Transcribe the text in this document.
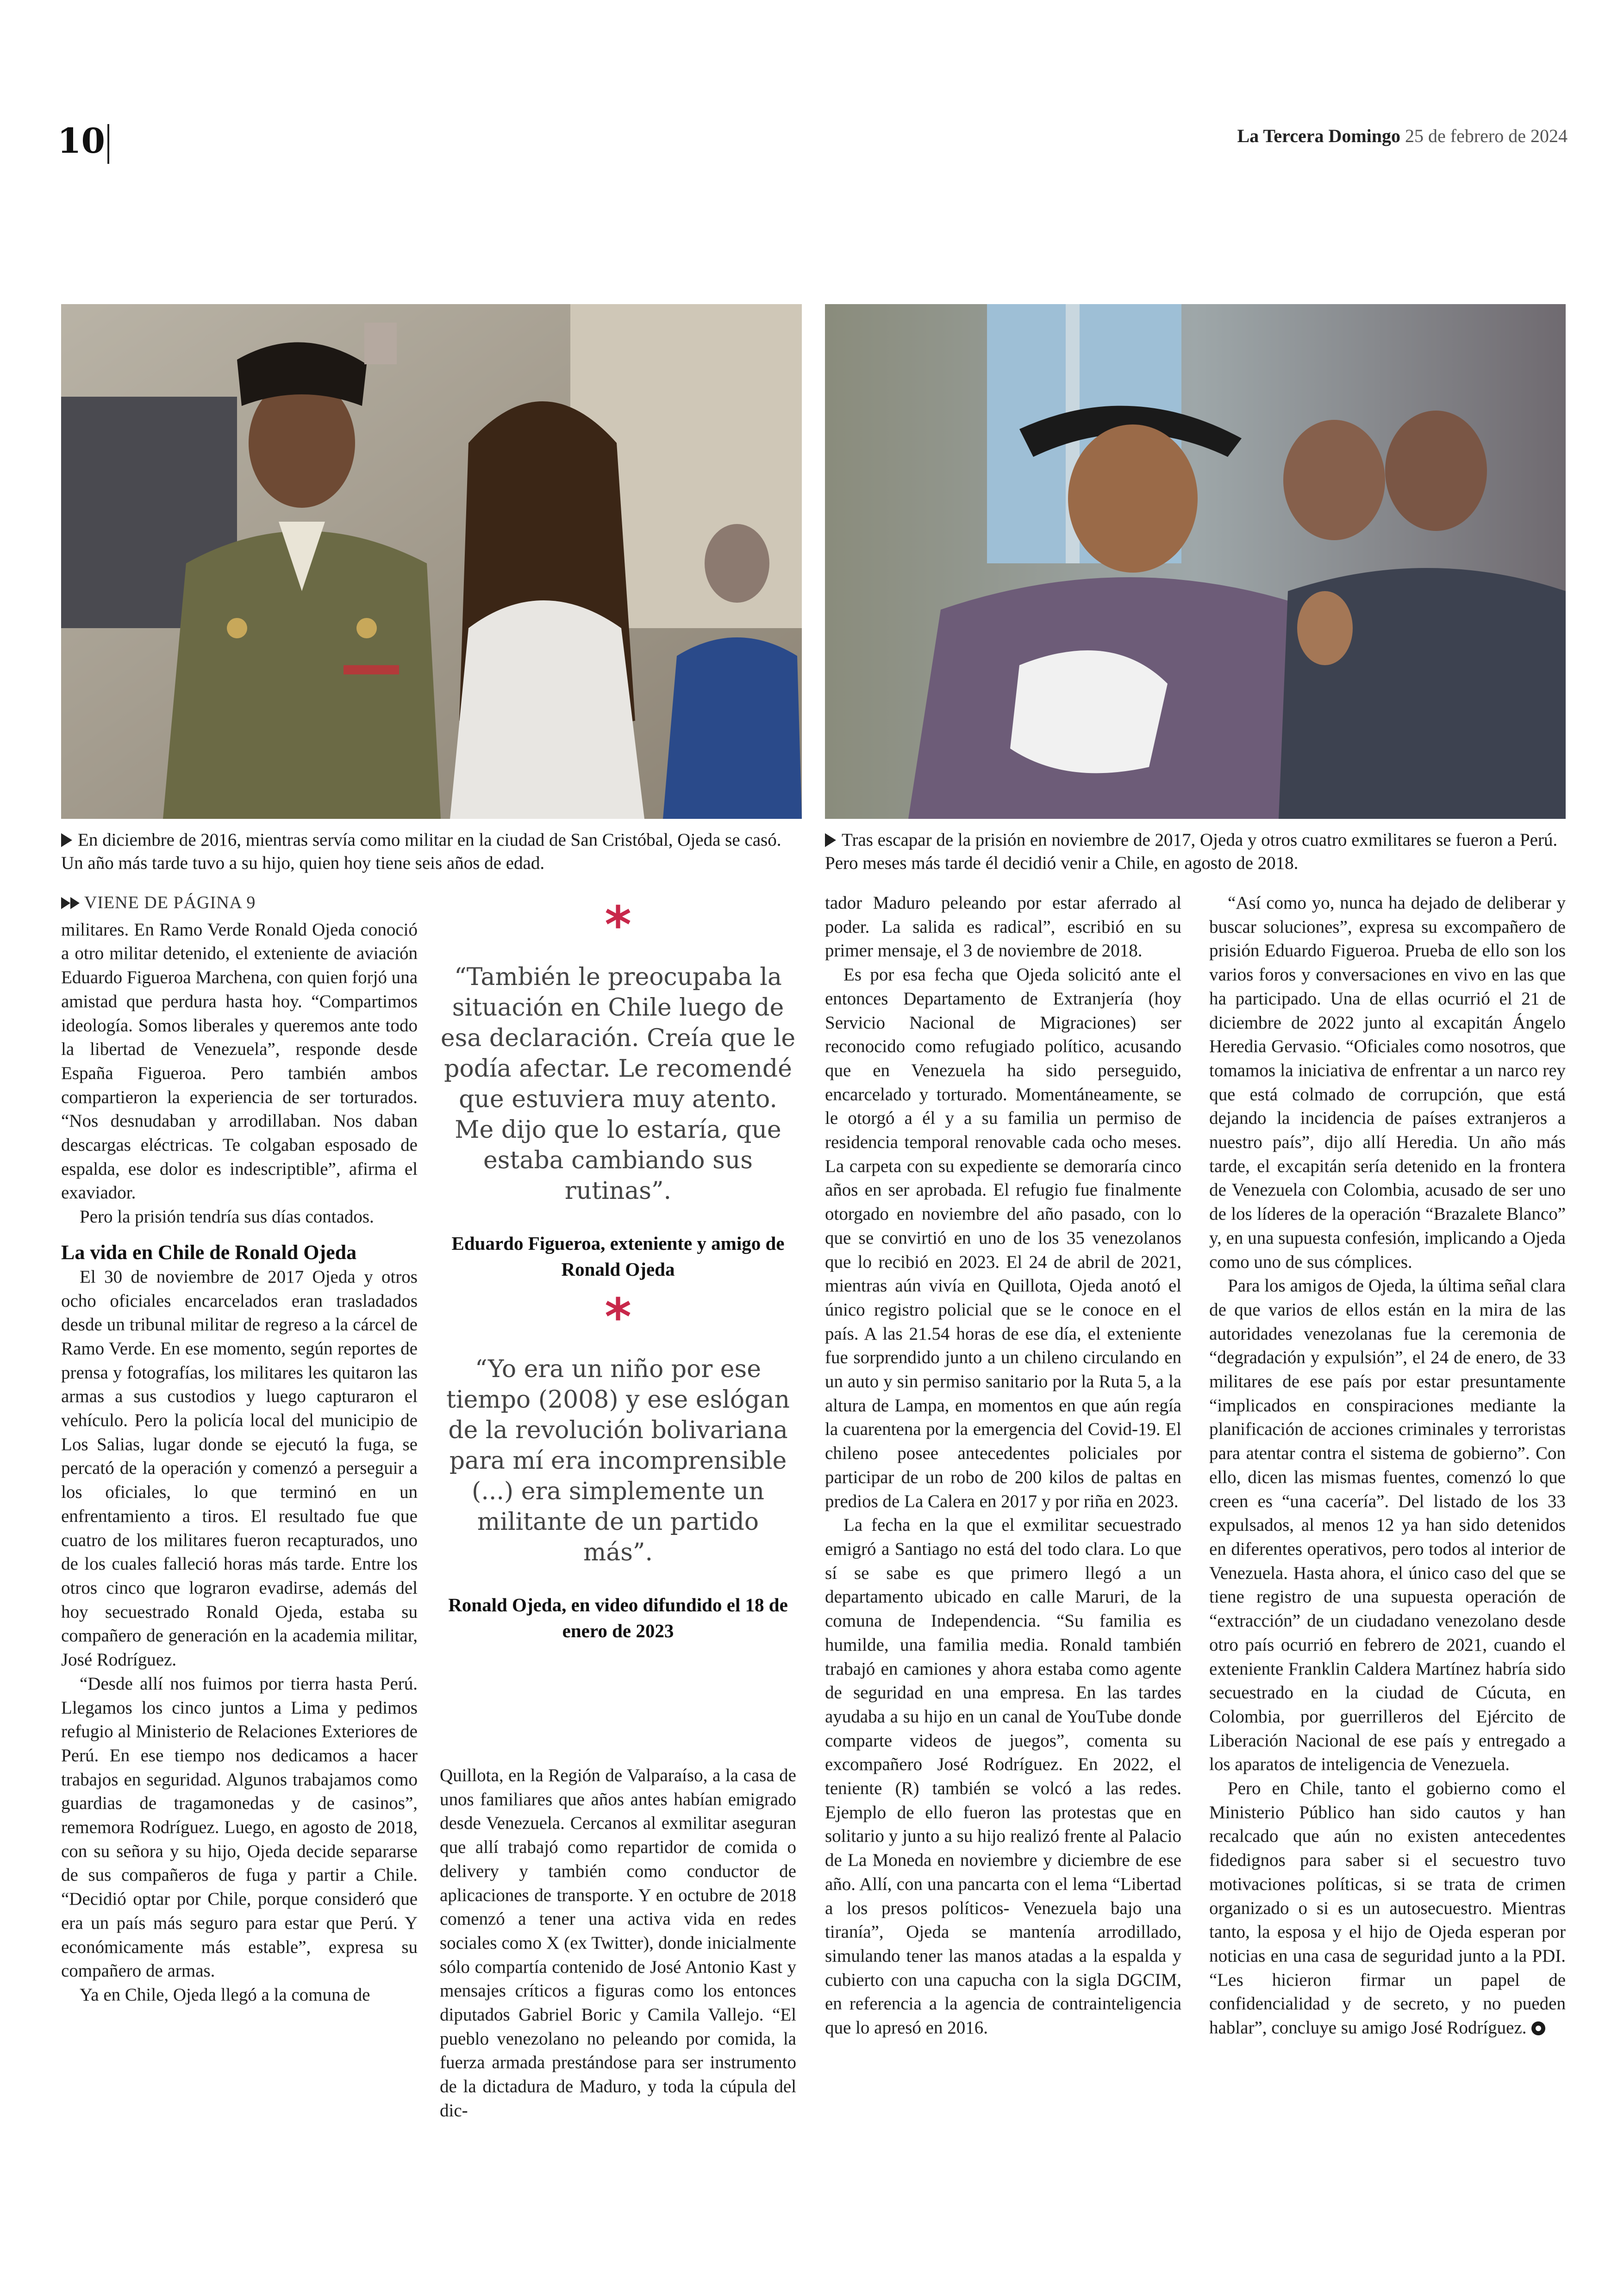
10	La Tercera Domingo 25 de febrero de 2024
En diciembre de 2016, mientras servía como militar en la ciudad de San Cristóbal, Ojeda se casó. Un año más tarde tuvo a su hijo, quien hoy tiene seis años de edad.
Tras escapar de la prisión en noviembre de 2017, Ojeda y otros cuatro exmilitares se fueron a Perú. Pero meses más tarde él decidió venir a Chile, en agosto de 2018.
VIENE DE PÁGINA 9

militares. En Ramo Verde Ronald Ojeda conoció a otro militar detenido, el exteniente de aviación Eduardo Figueroa Marchena, con quien forjó una amistad que perdura hasta hoy. “Compartimos ideología. Somos liberales y queremos ante todo la libertad de Venezuela”, responde desde España Figueroa. Pero también ambos compartieron la experiencia de ser torturados. “Nos desnudaban y arrodillaban. Nos daban descargas eléctricas. Te colgaban esposado de espalda, ese dolor es indescriptible”, afirma el exaviador.

Pero la prisión tendría sus días contados.

La vida en Chile de Ronald Ojeda

El 30 de noviembre de 2017 Ojeda y otros ocho oficiales encarcelados eran trasladados desde un tribunal militar de regreso a la cárcel de Ramo Verde. En ese momento, según reportes de prensa y fotografías, los militares les quitaron las armas a sus custodios y luego capturaron el vehículo. Pero la policía local del municipio de Los Salias, lugar donde se ejecutó la fuga, se percató de la operación y comenzó a perseguir a los oficiales, lo que terminó en un enfrentamiento a tiros. El resultado fue que cuatro de los militares fueron recapturados, uno de los cuales falleció horas más tarde. Entre los otros cinco que lograron evadirse, además del hoy secuestrado Ronald Ojeda, estaba su compañero de generación en la academia militar, José Rodríguez.

“Desde allí nos fuimos por tierra hasta Perú. Llegamos los cinco juntos a Lima y pedimos refugio al Ministerio de Relaciones Exteriores de Perú. En ese tiempo nos dedicamos a hacer trabajos en seguridad. Algunos trabajamos como guardias de tragamonedas y de casinos”, rememora Rodríguez. Luego, en agosto de 2018, con su señora y su hijo, Ojeda decide separarse de sus compañeros de fuga y partir a Chile. “Decidió optar por Chile, porque consideró que era un país más seguro para estar que Perú. Y económicamente más estable”, expresa su compañero de armas.

Ya en Chile, Ojeda llegó a la comuna de

*
“También le preocupaba la situación en Chile luego de esa declaración. Creía que le podía afectar. Le recomendé que estuviera muy atento. Me dijo que lo estaría, que estaba cambiando sus rutinas”.
Eduardo Figueroa, exteniente y amigo de Ronald Ojeda
*
“Yo era un niño por ese tiempo (2008) y ese eslógan de la revolución bolivariana para mí era incomprensible (...) era simplemente un militante de un partido más”.
Ronald Ojeda, en video difundido el 18 de enero de 2023

Quillota, en la Región de Valparaíso, a la casa de unos familiares que años antes habían emigrado desde Venezuela. Cercanos al exmilitar aseguran que allí trabajó como repartidor de comida o delivery y también como conductor de aplicaciones de transporte. Y en octubre de 2018 comenzó a tener una activa vida en redes sociales como X (ex Twitter), donde inicialmente sólo compartía contenido de José Antonio Kast y mensajes críticos a figuras como los entonces diputados Gabriel Boric y Camila Vallejo. “El pueblo venezolano no peleando por comida, la fuerza armada prestándose para ser instrumento de la dictadura de Maduro, y toda la cúpula del dic-

tador Maduro peleando por estar aferrado al poder. La salida es radical”, escribió en su primer mensaje, el 3 de noviembre de 2018.

Es por esa fecha que Ojeda solicitó ante el entonces Departamento de Extranjería (hoy Servicio Nacional de Migraciones) ser reconocido como refugiado político, acusando que en Venezuela ha sido perseguido, encarcelado y torturado. Momentáneamente, se le otorgó a él y a su familia un permiso de residencia temporal renovable cada ocho meses. La carpeta con su expediente se demoraría cinco años en ser aprobada. El refugio fue finalmente otorgado en noviembre del año pasado, con lo que se convirtió en uno de los 35 venezolanos que lo recibió en 2023. El 24 de abril de 2021, mientras aún vivía en Quillota, Ojeda anotó el único registro policial que se le conoce en el país. A las 21.54 horas de ese día, el exteniente fue sorprendido junto a un chileno circulando en un auto y sin permiso sanitario por la Ruta 5, a la altura de Lampa, en momentos en que aún regía la cuarentena por la emergencia del Covid-19. El chileno posee antecedentes policiales por participar de un robo de 200 kilos de paltas en predios de La Calera en 2017 y por riña en 2023.

La fecha en la que el exmilitar secuestrado emigró a Santiago no está del todo clara. Lo que sí se sabe es que primero llegó a un departamento ubicado en calle Maruri, de la comuna de Independencia. “Su familia es humilde, una familia media. Ronald también trabajó en camiones y ahora estaba como agente de seguridad en una empresa. En las tardes ayudaba a su hijo en un canal de YouTube donde comparte videos de juegos”, comenta su excompañero José Rodríguez. En 2022, el teniente (R) también se volcó a las redes. Ejemplo de ello fueron las protestas que en solitario y junto a su hijo realizó frente al Palacio de La Moneda en noviembre y diciembre de ese año. Allí, con una pancarta con el lema “Libertad a los presos políticos- Venezuela bajo una tiranía”, Ojeda se mantenía arrodillado, simulando tener las manos atadas a la espalda y cubierto con una capucha con la sigla DGCIM, en referencia a la agencia de contrainteligencia que lo apresó en 2016.

“Así como yo, nunca ha dejado de deliberar y buscar soluciones”, expresa su excompañero de prisión Eduardo Figueroa. Prueba de ello son los varios foros y conversaciones en vivo en las que ha participado. Una de ellas ocurrió el 21 de diciembre de 2022 junto al excapitán Ángelo Heredia Gervasio. “Oficiales como nosotros, que tomamos la iniciativa de enfrentar a un narco rey que está colmado de corrupción, que está dejando la incidencia de países extranjeros a nuestro país”, dijo allí Heredia. Un año más tarde, el excapitán sería detenido en la frontera de Venezuela con Colombia, acusado de ser uno de los líderes de la operación “Brazalete Blanco” y, en una supuesta confesión, implicando a Ojeda como uno de sus cómplices.

Para los amigos de Ojeda, la última señal clara de que varios de ellos están en la mira de las autoridades venezolanas fue la ceremonia de “degradación y expulsión”, el 24 de enero, de 33 militares de ese país por estar presuntamente “implicados en conspiraciones mediante la planificación de acciones criminales y terroristas para atentar contra el sistema de gobierno”. Con ello, dicen las mismas fuentes, comenzó lo que creen es “una cacería”. Del listado de los 33 expulsados, al menos 12 ya han sido detenidos en diferentes operativos, pero todos al interior de Venezuela. Hasta ahora, el único caso del que se tiene registro de una supuesta operación de “extracción” de un ciudadano venezolano desde otro país ocurrió en febrero de 2021, cuando el exteniente Franklin Caldera Martínez habría sido secuestrado en la ciudad de Cúcuta, en Colombia, por guerrilleros del Ejército de Liberación Nacional de ese país y entregado a los aparatos de inteligencia de Venezuela.

Pero en Chile, tanto el gobierno como el Ministerio Público han sido cautos y han recalcado que aún no existen antecedentes fidedignos para saber si el secuestro tuvo motivaciones políticas, si se trata de crimen organizado o si es un autosecuestro. Mientras tanto, la esposa y el hijo de Ojeda esperan por noticias en una casa de seguridad junto a la PDI. “Les hicieron firmar un papel de confidencialidad y de secreto, y no pueden hablar”, concluye su amigo José Rodríguez.
